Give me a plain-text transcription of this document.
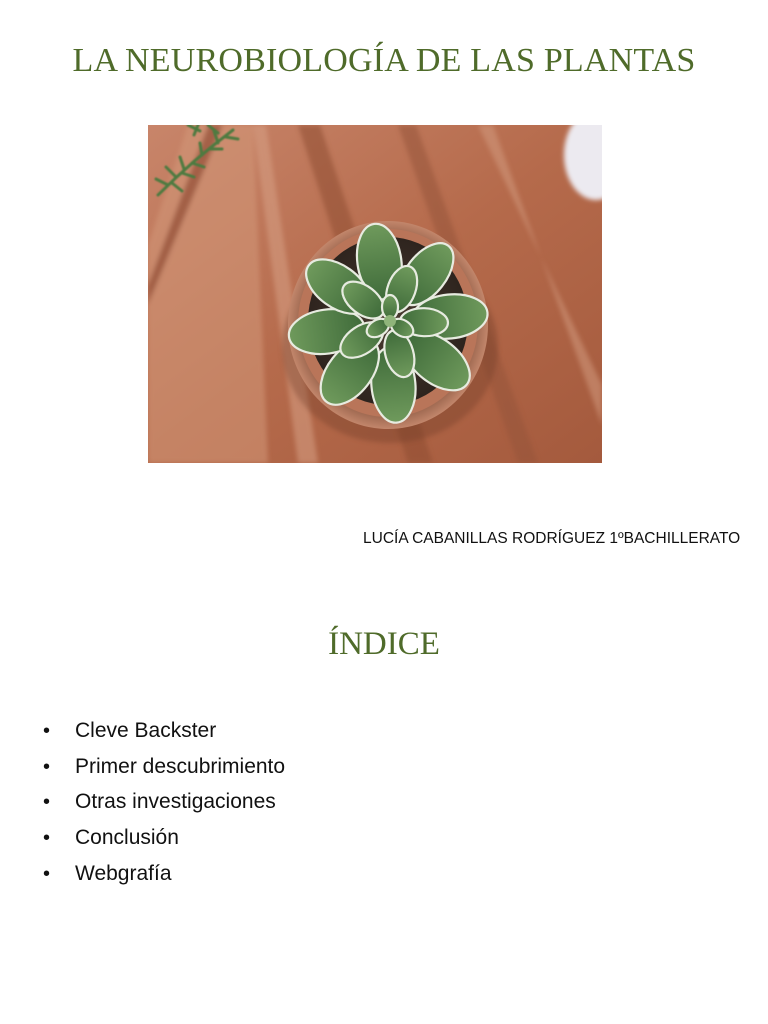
LA NEUROBIOLOGÍA DE LAS PLANTAS

LUCÍA CABANILLAS RODRÍGUEZ 1ºBACHILLERATO

ÍNDICE
• Cleve Backster
• Primer descubrimiento
• Otras investigaciones
• Conclusión
• Webgrafía
